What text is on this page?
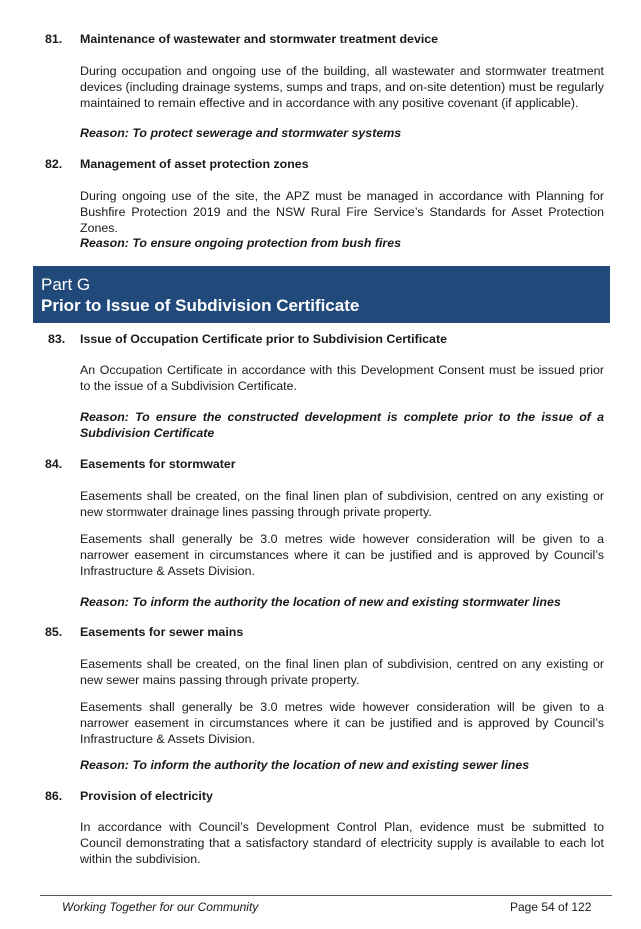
81. Maintenance of wastewater and stormwater treatment device
During occupation and ongoing use of the building, all wastewater and stormwater treatment devices (including drainage systems, sumps and traps, and on-site detention) must be regularly maintained to remain effective and in accordance with any positive covenant (if applicable).
Reason: To protect sewerage and stormwater systems
82. Management of asset protection zones
During ongoing use of the site, the APZ must be managed in accordance with Planning for Bushfire Protection 2019 and the NSW Rural Fire Service’s Standards for Asset Protection Zones.
Reason: To ensure ongoing protection from bush fires
Part G
Prior to Issue of Subdivision Certificate
83. Issue of Occupation Certificate prior to Subdivision Certificate
An Occupation Certificate in accordance with this Development Consent must be issued prior to the issue of a Subdivision Certificate.
Reason: To ensure the constructed development is complete prior to the issue of a Subdivision Certificate
84. Easements for stormwater
Easements shall be created, on the final linen plan of subdivision, centred on any existing or new stormwater drainage lines passing through private property.
Easements shall generally be 3.0 metres wide however consideration will be given to a narrower easement in circumstances where it can be justified and is approved by Council’s Infrastructure & Assets Division.
Reason: To inform the authority the location of new and existing stormwater lines
85. Easements for sewer mains
Easements shall be created, on the final linen plan of subdivision, centred on any existing or new sewer mains passing through private property.
Easements shall generally be 3.0 metres wide however consideration will be given to a narrower easement in circumstances where it can be justified and is approved by Council’s Infrastructure & Assets Division.
Reason: To inform the authority the location of new and existing sewer lines
86. Provision of electricity
In accordance with Council’s Development Control Plan, evidence must be submitted to Council demonstrating that a satisfactory standard of electricity supply is available to each lot within the subdivision.
Working Together for our Community	Page 54 of 122
